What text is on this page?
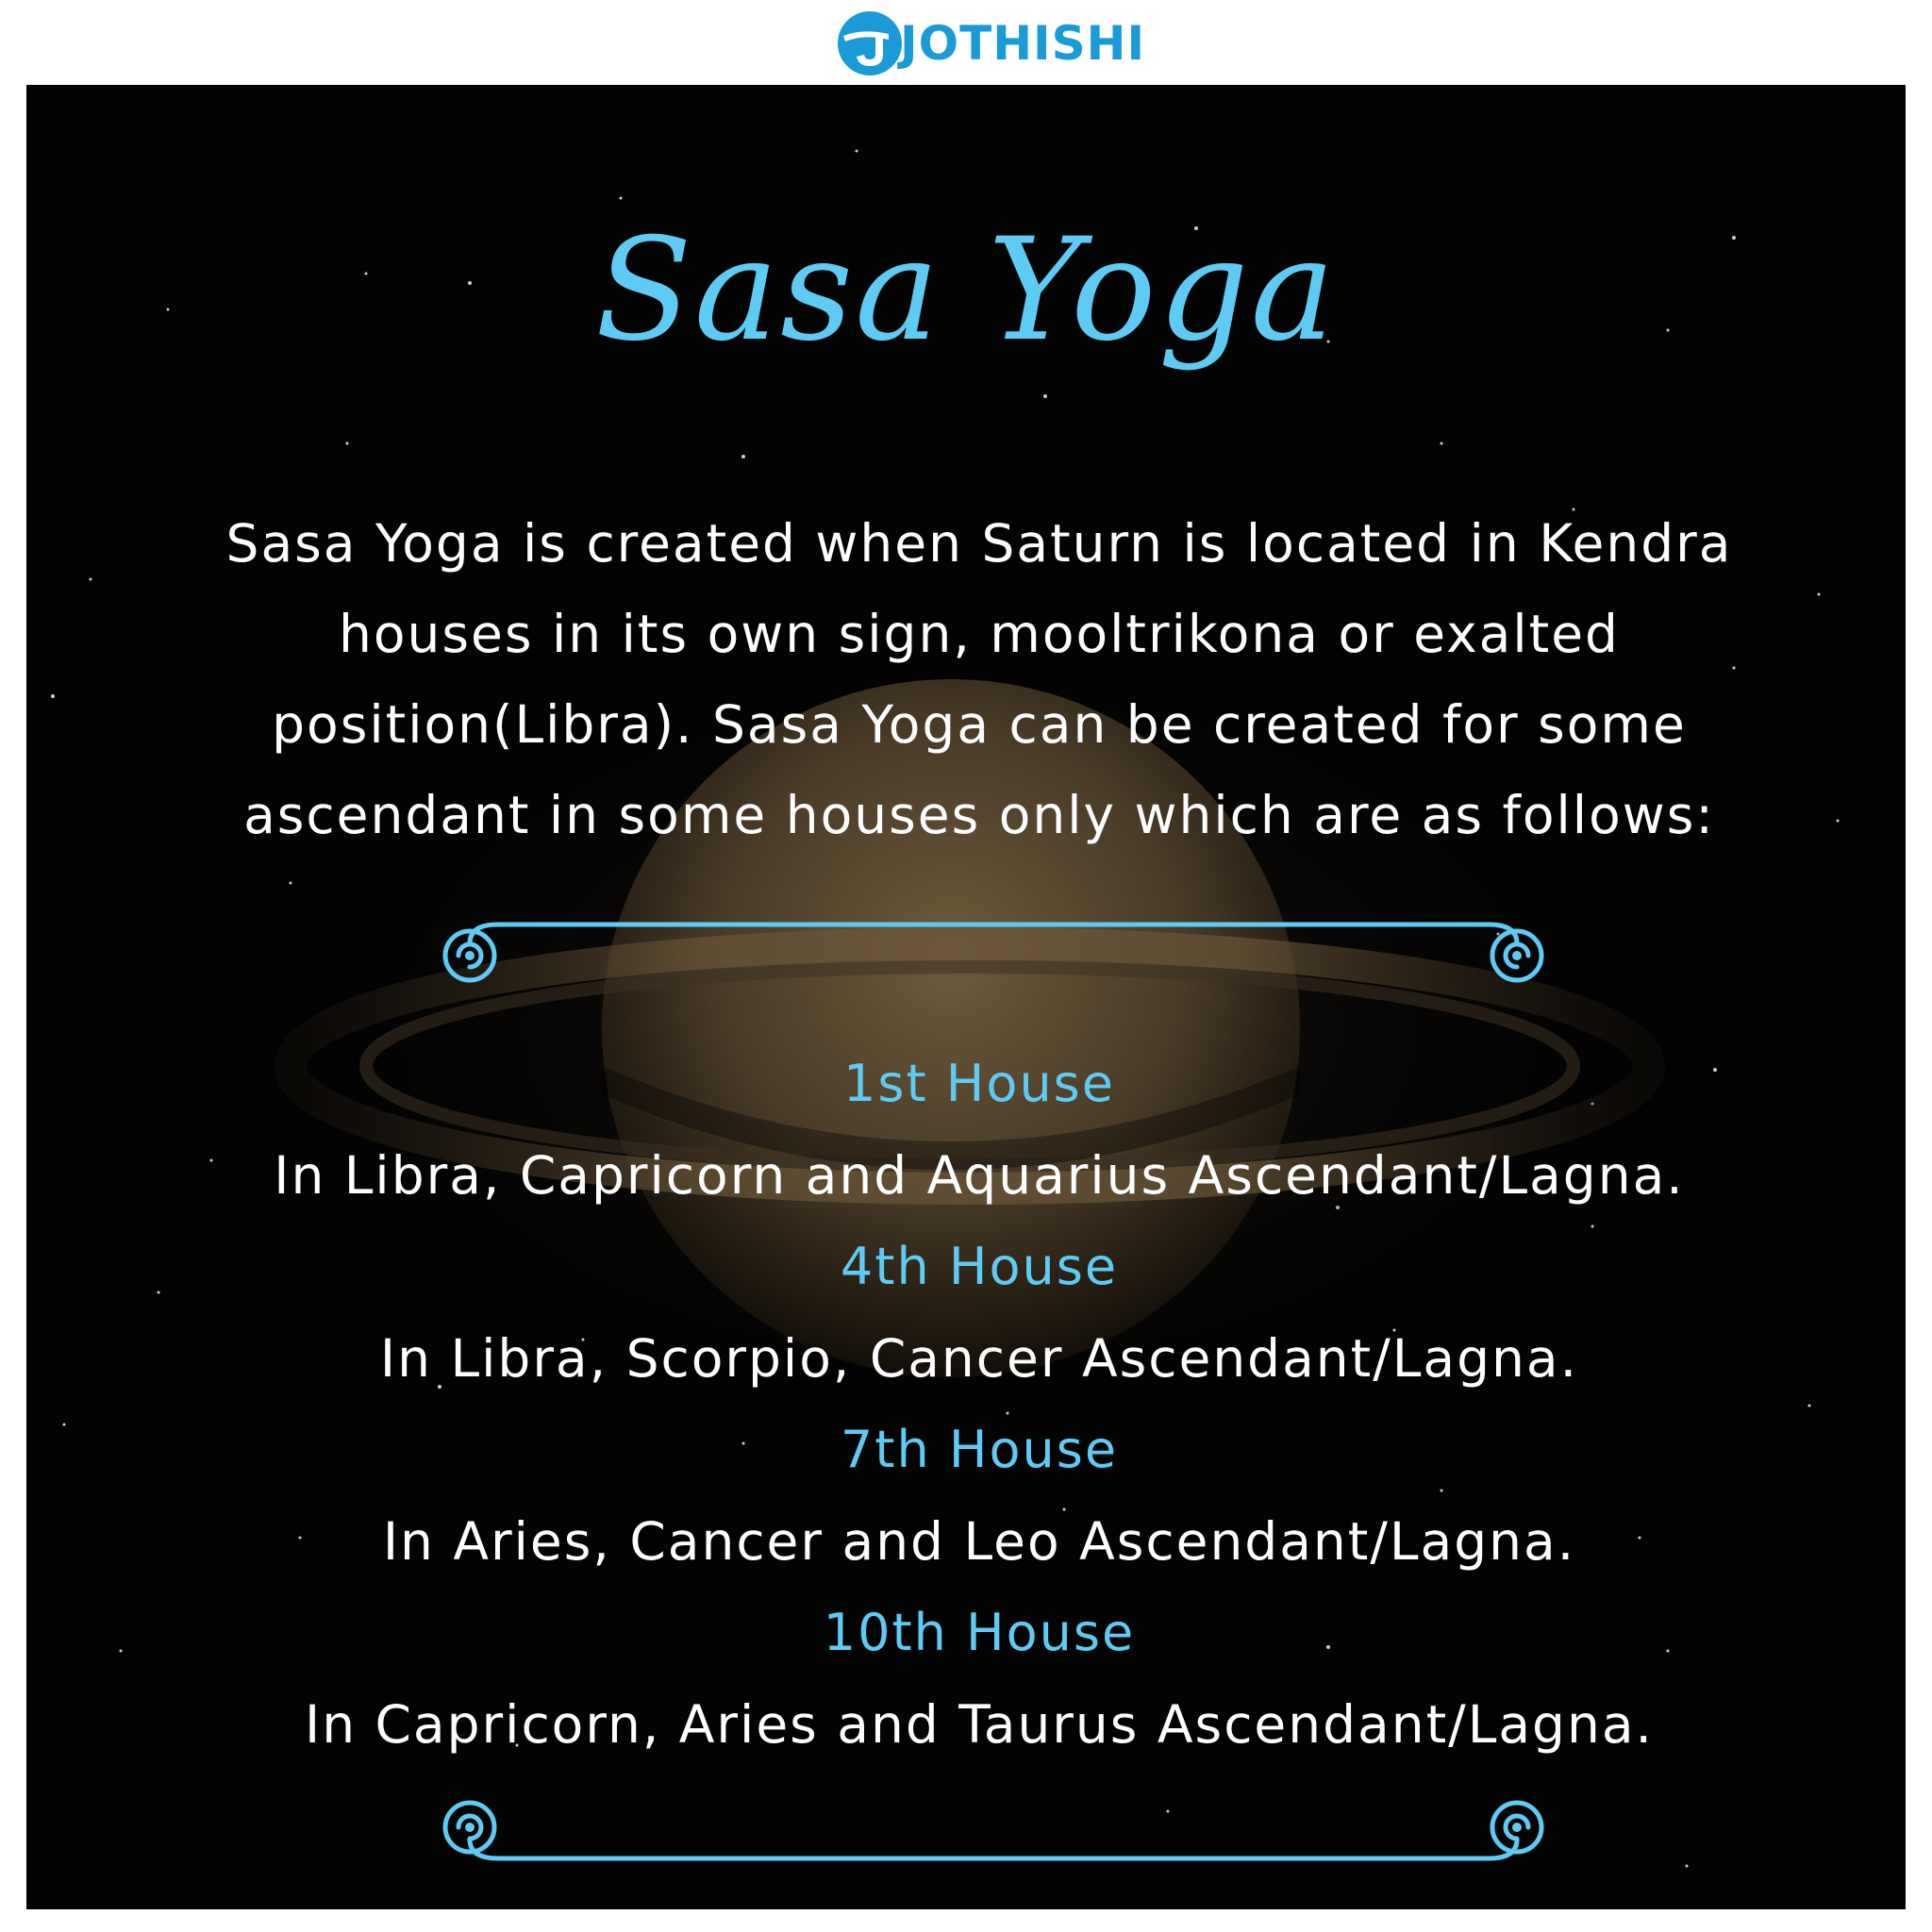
JOTHISHI
Sasa Yoga
Sasa Yoga is created when Saturn is located in Kendra houses in its own sign, mooltrikona or exalted position(Libra). Sasa Yoga can be created for some ascendant in some houses only which are as follows:
1st House
In Libra, Capricorn and Aquarius Ascendant/Lagna.
4th House
In Libra, Scorpio, Cancer Ascendant/Lagna.
7th House
In Aries, Cancer and Leo Ascendant/Lagna.
10th House
In Capricorn, Aries and Taurus Ascendant/Lagna.
